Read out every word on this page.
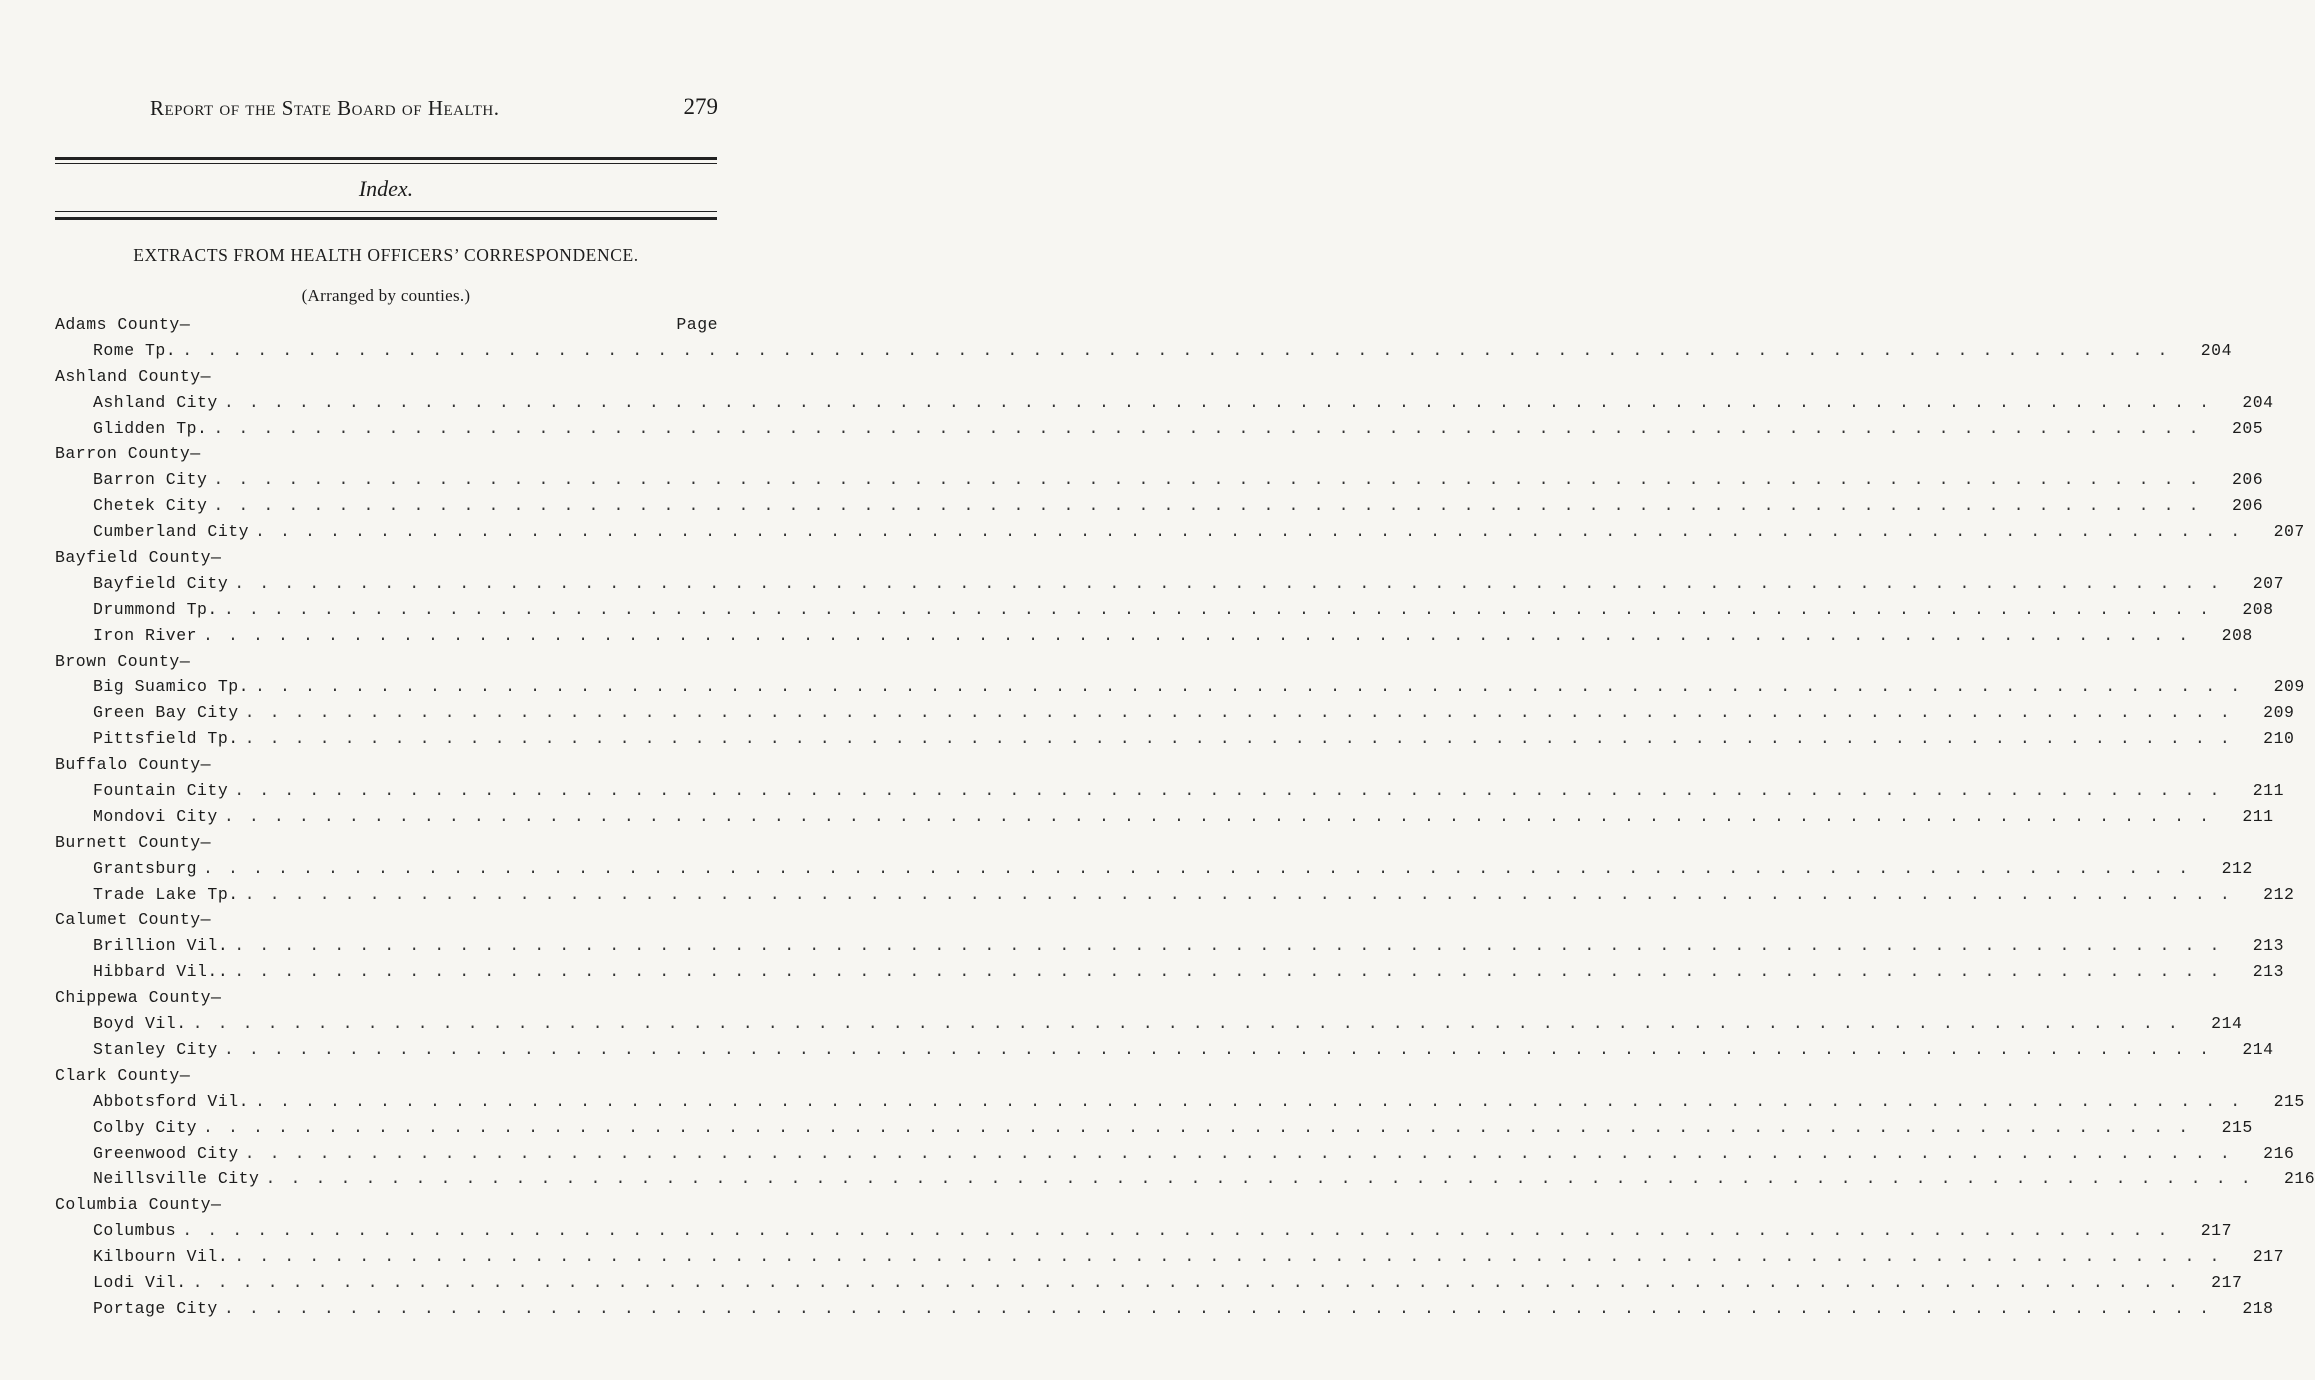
Report of the State Board of Health.	279
Index.
EXTRACTS FROM HEALTH OFFICERS’ CORRESPONDENCE.
(Arranged by counties.)
Adams County—	Page
Rome Tp. . . . . . . . . . . . . . . . . . . . . . . . . . . . . . . . . . . . . . . . . . . . . . . . . . . . . . . . . . . . . . . . . . . . . . . . . . . . . . . . .	204
Ashland County—
Ashland City . . . . . . . . . . . . . . . . . . . . . . . . . . . . . . . . . . . . . . . . . . . . . . . . . . . . . . . . . . . . . . . . . . . . . . . . . . . . . . . .	204
Glidden Tp. . . . . . . . . . . . . . . . . . . . . . . . . . . . . . . . . . . . . . . . . . . . . . . . . . . . . . . . . . . . . . . . . . . . . . . . . . . . . . . . .	205
Barron County—
Barron City . . . . . . . . . . . . . . . . . . . . . . . . . . . . . . . . . . . . . . . . . . . . . . . . . . . . . . . . . . . . . . . . . . . . . . . . . . . . . . . .	206
Chetek City . . . . . . . . . . . . . . . . . . . . . . . . . . . . . . . . . . . . . . . . . . . . . . . . . . . . . . . . . . . . . . . . . . . . . . . . . . . . . . . .	206
Cumberland City . . . . . . . . . . . . . . . . . . . . . . . . . . . . . . . . . . . . . . . . . . . . . . . . . . . . . . . . . . . . . . . . . . . . . . . . . . . . . . . .	207
Bayfield County—
Bayfield City . . . . . . . . . . . . . . . . . . . . . . . . . . . . . . . . . . . . . . . . . . . . . . . . . . . . . . . . . . . . . . . . . . . . . . . . . . . . . . . .	207
Drummond Tp. . . . . . . . . . . . . . . . . . . . . . . . . . . . . . . . . . . . . . . . . . . . . . . . . . . . . . . . . . . . . . . . . . . . . . . . . . . . . . . . .	208
Iron River . . . . . . . . . . . . . . . . . . . . . . . . . . . . . . . . . . . . . . . . . . . . . . . . . . . . . . . . . . . . . . . . . . . . . . . . . . . . . . . .	208
Brown County—
Big Suamico Tp. . . . . . . . . . . . . . . . . . . . . . . . . . . . . . . . . . . . . . . . . . . . . . . . . . . . . . . . . . . . . . . . . . . . . . . . . . . . . . . . .	209
Green Bay City . . . . . . . . . . . . . . . . . . . . . . . . . . . . . . . . . . . . . . . . . . . . . . . . . . . . . . . . . . . . . . . . . . . . . . . . . . . . . . . .	209
Pittsfield Tp. . . . . . . . . . . . . . . . . . . . . . . . . . . . . . . . . . . . . . . . . . . . . . . . . . . . . . . . . . . . . . . . . . . . . . . . . . . . . . . . .	210
Buffalo County—
Fountain City . . . . . . . . . . . . . . . . . . . . . . . . . . . . . . . . . . . . . . . . . . . . . . . . . . . . . . . . . . . . . . . . . . . . . . . . . . . . . . . .	211
Mondovi City . . . . . . . . . . . . . . . . . . . . . . . . . . . . . . . . . . . . . . . . . . . . . . . . . . . . . . . . . . . . . . . . . . . . . . . . . . . . . . . .	211
Burnett County—
Grantsburg . . . . . . . . . . . . . . . . . . . . . . . . . . . . . . . . . . . . . . . . . . . . . . . . . . . . . . . . . . . . . . . . . . . . . . . . . . . . . . . .	212
Trade Lake Tp. . . . . . . . . . . . . . . . . . . . . . . . . . . . . . . . . . . . . . . . . . . . . . . . . . . . . . . . . . . . . . . . . . . . . . . . . . . . . . . . .	212
Calumet County—
Brillion Vil. . . . . . . . . . . . . . . . . . . . . . . . . . . . . . . . . . . . . . . . . . . . . . . . . . . . . . . . . . . . . . . . . . . . . . . . . . . . . . . . .	213
Hibbard Vil.. . . . . . . . . . . . . . . . . . . . . . . . . . . . . . . . . . . . . . . . . . . . . . . . . . . . . . . . . . . . . . . . . . . . . . . . . . . . . . . . .	213
Chippewa County—
Boyd Vil. . . . . . . . . . . . . . . . . . . . . . . . . . . . . . . . . . . . . . . . . . . . . . . . . . . . . . . . . . . . . . . . . . . . . . . . . . . . . . . . .	214
Stanley City . . . . . . . . . . . . . . . . . . . . . . . . . . . . . . . . . . . . . . . . . . . . . . . . . . . . . . . . . . . . . . . . . . . . . . . . . . . . . . . .	214
Clark County—
Abbotsford Vil. . . . . . . . . . . . . . . . . . . . . . . . . . . . . . . . . . . . . . . . . . . . . . . . . . . . . . . . . . . . . . . . . . . . . . . . . . . . . . . . .	215
Colby City . . . . . . . . . . . . . . . . . . . . . . . . . . . . . . . . . . . . . . . . . . . . . . . . . . . . . . . . . . . . . . . . . . . . . . . . . . . . . . . .	215
Greenwood City . . . . . . . . . . . . . . . . . . . . . . . . . . . . . . . . . . . . . . . . . . . . . . . . . . . . . . . . . . . . . . . . . . . . . . . . . . . . . . . .	216
Neillsville City . . . . . . . . . . . . . . . . . . . . . . . . . . . . . . . . . . . . . . . . . . . . . . . . . . . . . . . . . . . . . . . . . . . . . . . . . . . . . . . .	216
Columbia County—
Columbus . . . . . . . . . . . . . . . . . . . . . . . . . . . . . . . . . . . . . . . . . . . . . . . . . . . . . . . . . . . . . . . . . . . . . . . . . . . . . . . .	217
Kilbourn Vil. . . . . . . . . . . . . . . . . . . . . . . . . . . . . . . . . . . . . . . . . . . . . . . . . . . . . . . . . . . . . . . . . . . . . . . . . . . . . . . . .	217
Lodi Vil. . . . . . . . . . . . . . . . . . . . . . . . . . . . . . . . . . . . . . . . . . . . . . . . . . . . . . . . . . . . . . . . . . . . . . . . . . . . . . . . .	217
Portage City . . . . . . . . . . . . . . . . . . . . . . . . . . . . . . . . . . . . . . . . . . . . . . . . . . . . . . . . . . . . . . . . . . . . . . . . . . . . . . . .	218
